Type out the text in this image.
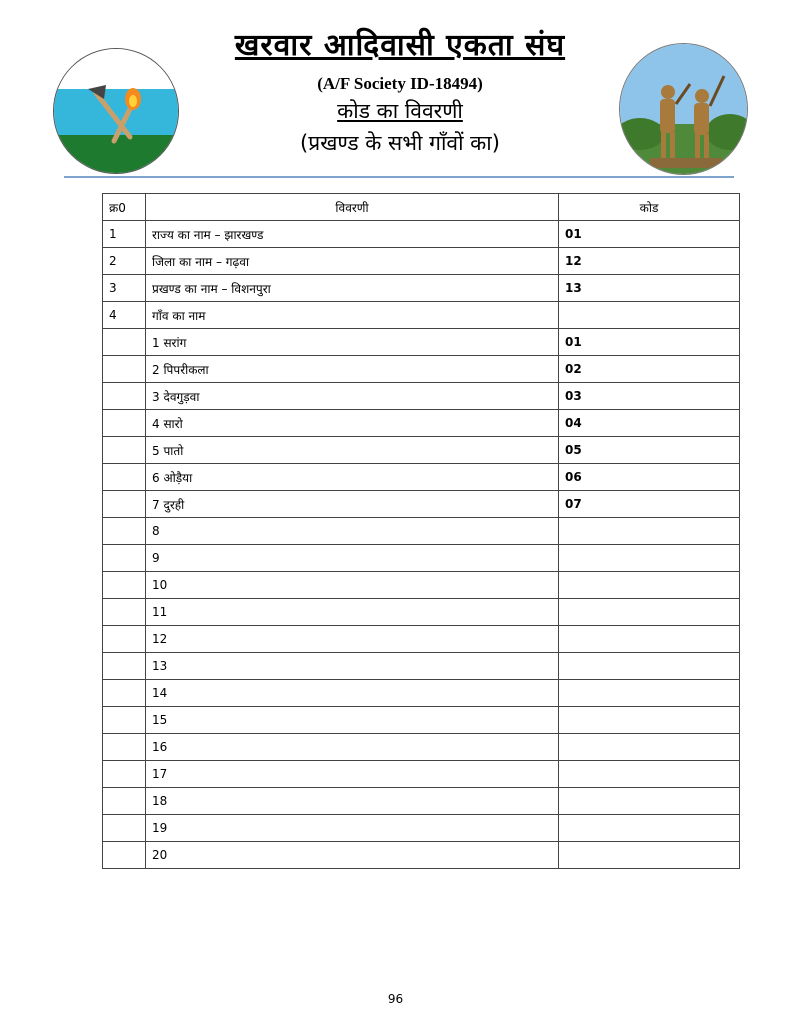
खरवार आदिवासी एकता संघ
(A/F Society ID-18494)
कोड का विवरणी
(प्रखण्ड के सभी गाँवों का)
क्र0	विवरणी	कोड
1	राज्य का नाम – झारखण्ड	01
2	जिला का नाम – गढ़वा	12
3	प्रखण्ड का नाम – विशनपुरा	13
4	गाँव का नाम	
	1 सरांग	01
	2 पिपरीकला	02
	3 देवगुड़वा	03
	4 सारो	04
	5 पातो	05
	6 ओड़ैया	06
	7 दुरही	07
	8	
	9	
	10	
	11	
	12	
	13	
	14	
	15	
	16	
	17	
	18	
	19	
	20	
96
